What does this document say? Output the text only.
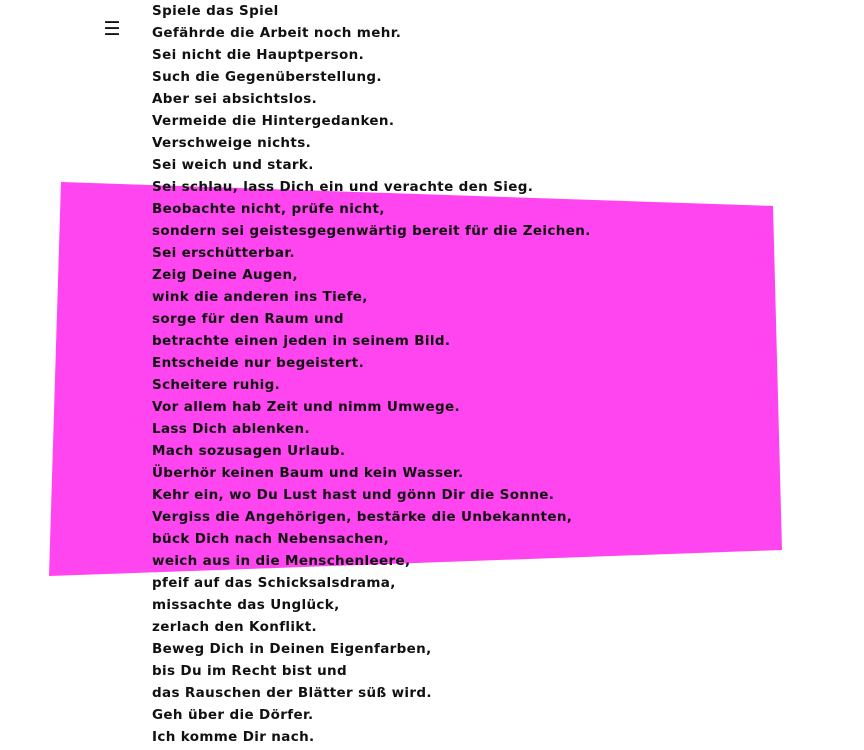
☰
Spiele das Spiel
Gefährde die Arbeit noch mehr.
Sei nicht die Hauptperson.
Such die Gegenüberstellung.
Aber sei absichtslos.
Vermeide die Hintergedanken.
Verschweige nichts.
Sei weich und stark.
Sei schlau, lass Dich ein und verachte den Sieg.
Beobachte nicht, prüfe nicht,
sondern sei geistesgegenwärtig bereit für die Zeichen.
Sei erschütterbar.
Zeig Deine Augen,
wink die anderen ins Tiefe,
sorge für den Raum und
betrachte einen jeden in seinem Bild.
Entscheide nur begeistert.
Scheitere ruhig.
Vor allem hab Zeit und nimm Umwege.
Lass Dich ablenken.
Mach sozusagen Urlaub.
Überhör keinen Baum und kein Wasser.
Kehr ein, wo Du Lust hast und gönn Dir die Sonne.
Vergiss die Angehörigen, bestärke die Unbekannten,
bück Dich nach Nebensachen,
weich aus in die Menschenleere,
pfeif auf das Schicksalsdrama,
missachte das Unglück,
zerlach den Konflikt.
Beweg Dich in Deinen Eigenfarben,
bis Du im Recht bist und
das Rauschen der Blätter süß wird.
Geh über die Dörfer.
Ich komme Dir nach.
